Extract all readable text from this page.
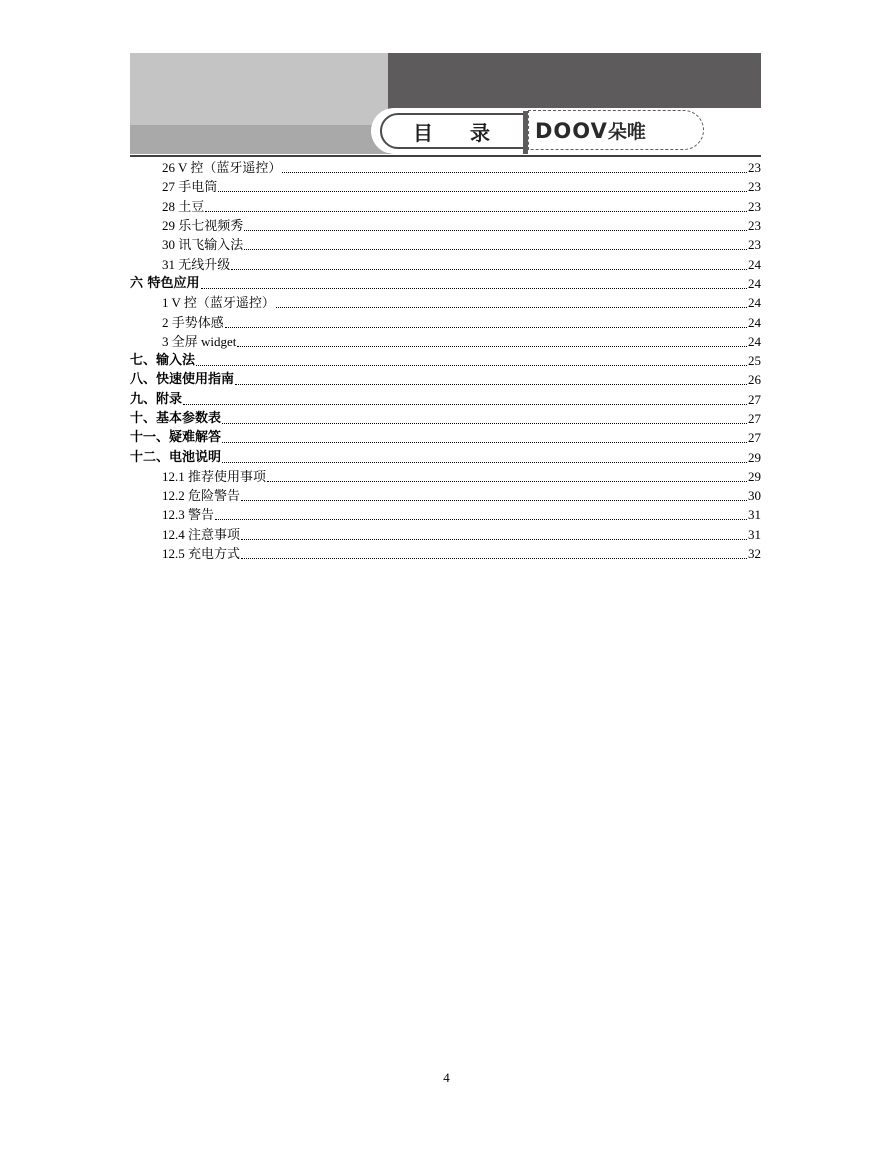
目 录 DOOV朵唯
26 V 控（蓝牙遥控）	23
27 手电筒	23
28 土豆	23
29 乐七视频秀	23
30 讯飞输入法	23
31 无线升级	24
六 特色应用	24
1 V 控（蓝牙遥控）	24
2 手势体感	24
3 全屏 widget	24
七、输入法	25
八、快速使用指南	26
九、附录	27
十、基本参数表	27
十一、疑难解答	27
十二、电池说明	29
12.1 推荐使用事项	29
12.2 危险警告	30
12.3 警告	31
12.4 注意事项	31
12.5 充电方式	32
4
